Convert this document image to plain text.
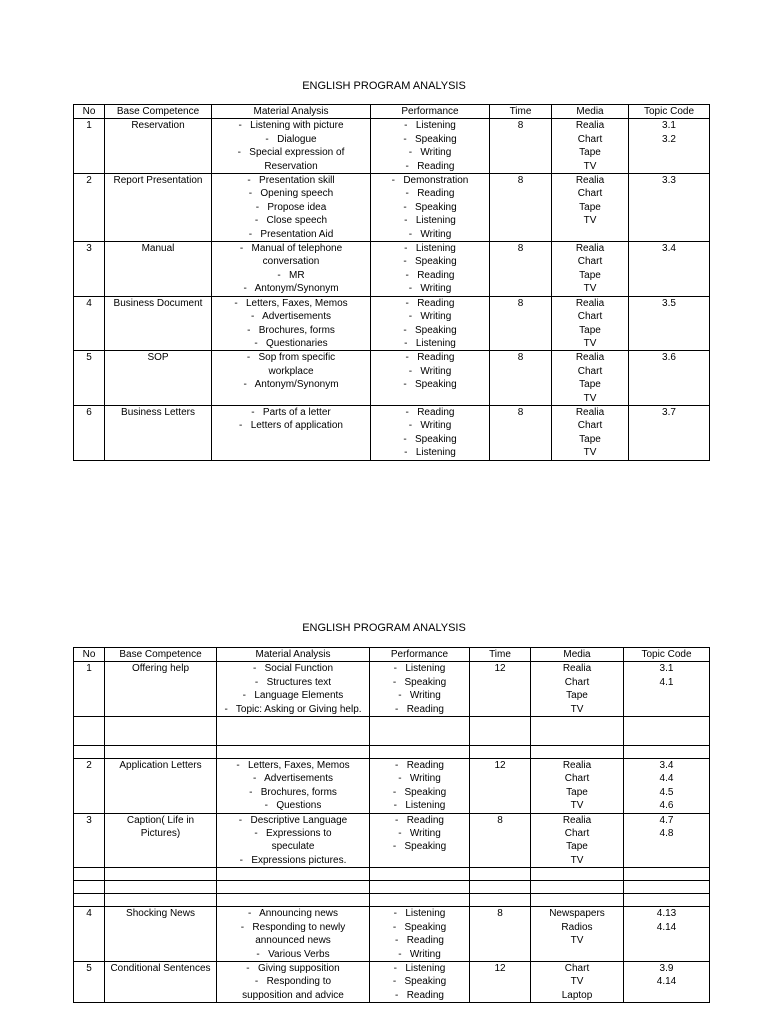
ENGLISH PROGRAM ANALYSIS
No	Base Competence	Material Analysis	Performance	Time	Media	Topic Code
1	Reservation	- Listening with picture
- Dialogue
- Special expression of
Reservation	- Listening
- Speaking
- Writing
- Reading	8	Realia
Chart
Tape
TV	3.1
3.2

2	Report Presentation	- Presentation skill
- Opening speech
- Propose idea
- Close speech
- Presentation Aid	- Demonstration
- Reading
- Speaking
- Listening
- Writing	8	Realia
Chart
Tape
TV	3.3

3	Manual	- Manual of telephone
conversation
- MR
- Antonym/Synonym	- Listening
- Speaking
- Reading
- Writing	8	Realia
Chart
Tape
TV	3.4

4	Business Document	- Letters, Faxes, Memos
- Advertisements
- Brochures, forms
- Questionaries	- Reading
- Writing
- Speaking
- Listening	8	Realia
Chart
Tape
TV	3.5

5	SOP	- Sop from specific
workplace
- Antonym/Synonym	- Reading
- Writing
- Speaking	8	Realia
Chart
Tape
TV	3.6

6	Business Letters	- Parts of a letter
- Letters of application	- Reading
- Writing
- Speaking
- Listening	8	Realia
Chart
Tape
TV	3.7
ENGLISH PROGRAM ANALYSIS
No	Base Competence	Material Analysis	Performance	Time	Media	Topic Code
1	Offering help	- Social Function
- Structures text
- Language Elements
- Topic: Asking or Giving help.	- Listening
- Speaking
- Writing
- Reading	12	Realia
Chart
Tape
TV	3.1
4.1

2	Application Letters	- Letters, Faxes, Memos
- Advertisements
- Brochures, forms
- Questions	- Reading
- Writing
- Speaking
- Listening	12	Realia
Chart
Tape
TV	3.4
4.4
4.5
4.6

3	Caption( Life in
Pictures)	- Descriptive Language
- Expressions to
speculate
- Expressions pictures.	- Reading
- Writing
- Speaking	8	Realia
Chart
Tape
TV	4.7
4.8

4	Shocking News	- Announcing news
- Responding to newly
announced news
- Various Verbs	- Listening
- Speaking
- Reading
- Writing	8	Newspapers
Radios
TV	4.13
4.14

5	Conditional Sentences	- Giving supposition
- Responding to
supposition and advice	- Listening
- Speaking
- Reading	12	Chart
TV
Laptop	3.9
4.14
